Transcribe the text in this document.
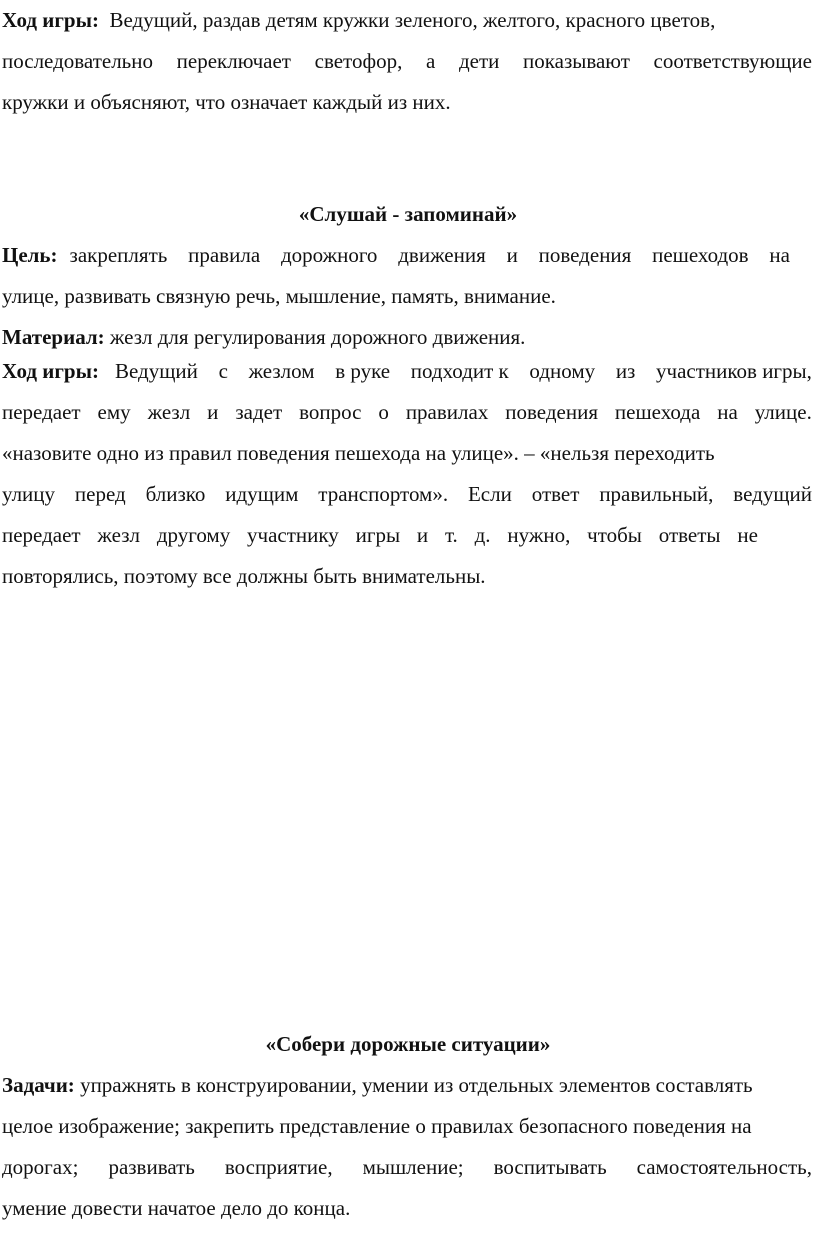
Ход игры: Ведущий, раздав детям кружки зеленого, желтого, красного цветов,
последовательно переключает светофор, а дети показывают соответствующие
кружки и объясняют, что означает каждый из них.
«Слушай - запоминай»
Цель: закреплять правила дорожного движения и поведения пешеходов на
улице, развивать связную речь, мышление, память, внимание.
Материал: жезл для регулирования дорожного движения.
Ход игры: Ведущий с жезлом в руке подходит к одному из участников игры,
передает ему жезл и задет вопрос о правилах поведения пешехода на улице.
«назовите одно из правил поведения пешехода на улице». – «нельзя переходить
улицу перед близко идущим транспортом». Если ответ правильный, ведущий
передает жезл другому участнику игры и т. д. нужно, чтобы ответы не
повторялись, поэтому все должны быть внимательны.
«Собери дорожные ситуации»
Задачи: упражнять в конструировании, умении из отдельных элементов составлять
целое изображение; закрепить представление о правилах безопасного поведения на
дорогах; развивать восприятие, мышление; воспитывать самостоятельность,
умение довести начатое дело до конца.
